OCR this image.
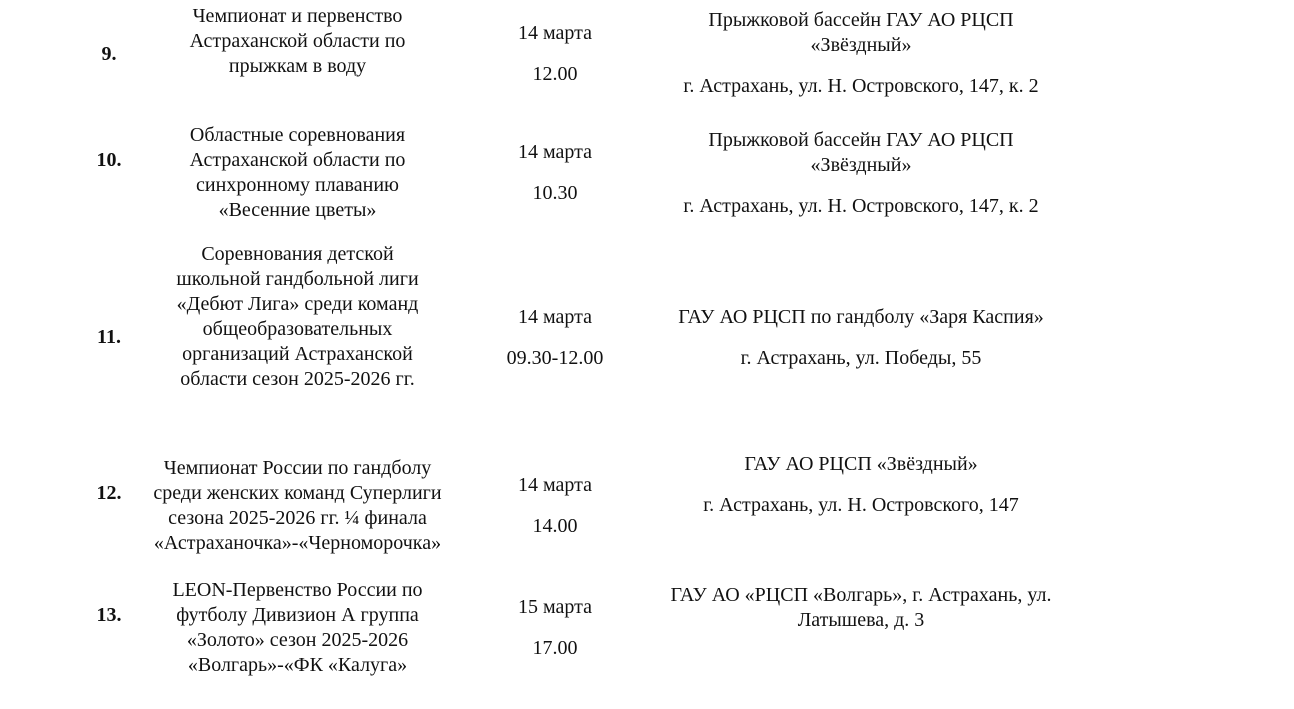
9.
Чемпионат и первенство
Астраханской области по
прыжкам в воду
14 марта
12.00
Прыжковой бассейн ГАУ АО РЦСП
«Звёздный»
г. Астрахань, ул. Н. Островского, 147, к. 2
10.
Областные соревнования
Астраханской области по
синхронному плаванию
«Весенние цветы»
14 марта
10.30
Прыжковой бассейн ГАУ АО РЦСП
«Звёздный»
г. Астрахань, ул. Н. Островского, 147, к. 2
11.
Соревнования детской
школьной гандбольной лиги
«Дебют Лига» среди команд
общеобразовательных
организаций Астраханской
области сезон 2025-2026 гг.
14 марта
09.30-12.00
ГАУ АО РЦСП по гандболу «Заря Каспия»
г. Астрахань, ул. Победы, 55
12.
Чемпионат России по гандболу
среди женских команд Суперлиги
сезона 2025-2026 гг. ¼ финала
«Астраханочка»-«Черноморочка»
14 марта
14.00
ГАУ АО РЦСП «Звёздный»
г. Астрахань, ул. Н. Островского, 147
13.
LEON-Первенство России по
футболу Дивизион А группа
«Золото» сезон 2025-2026
«Волгарь»-«ФК «Калуга»
15 марта
17.00
ГАУ АО «РЦСП «Волгарь», г. Астрахань, ул.
Латышева, д. 3
